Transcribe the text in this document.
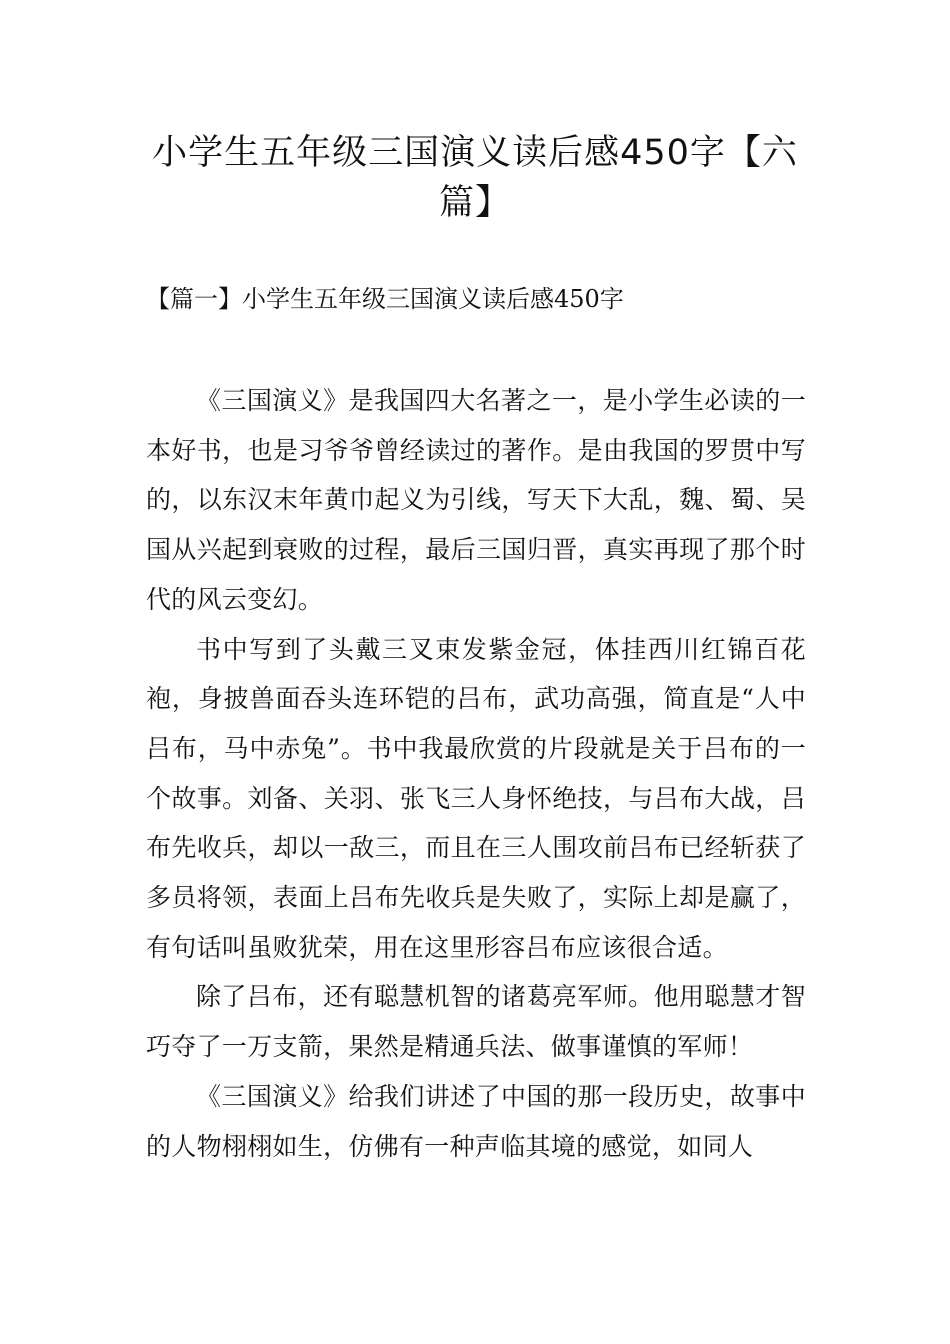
小学生五年级三国演义读后感450字【六篇】
【篇一】小学生五年级三国演义读后感450字

《三国演义》是我国四大名著之一，是小学生必读的一本好书，也是习爷爷曾经读过的著作。是由我国的罗贯中写的，以东汉末年黄巾起义为引线，写天下大乱，魏、蜀、吴国从兴起到衰败的过程，最后三国归晋，真实再现了那个时代的风云变幻。

书中写到了头戴三叉束发紫金冠，体挂西川红锦百花袍，身披兽面吞头连环铠的吕布，武功高强，简直是“人中吕布，马中赤兔”。书中我最欣赏的片段就是关于吕布的一个故事。刘备、关羽、张飞三人身怀绝技，与吕布大战，吕布先收兵，却以一敌三，而且在三人围攻前吕布已经斩获了多员将领，表面上吕布先收兵是失败了，实际上却是赢了，有句话叫虽败犹荣，用在这里形容吕布应该很合适。

除了吕布，还有聪慧机智的诸葛亮军师。他用聪慧才智巧夺了一万支箭，果然是精通兵法、做事谨慎的军师！

《三国演义》给我们讲述了中国的那一段历史，故事中的人物栩栩如生，仿佛有一种声临其境的感觉，如同人
